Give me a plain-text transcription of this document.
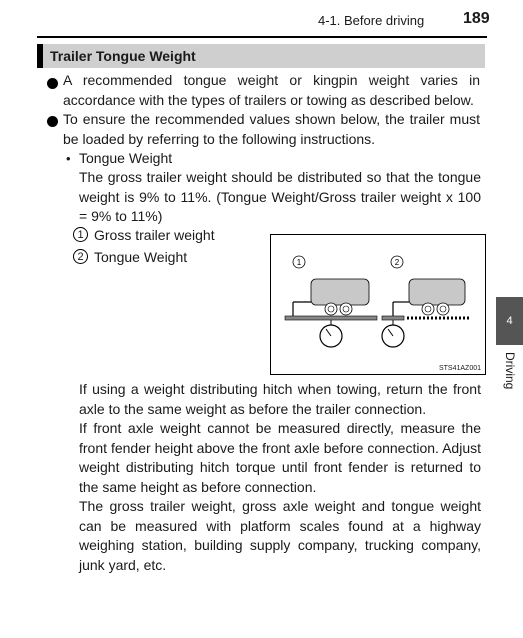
4-1. Before driving 189
Trailer Tongue Weight
A recommended tongue weight or kingpin weight varies in accordance with the types of trailers or towing as described below.
To ensure the recommended values shown below, the trailer must be loaded by referring to the following instructions.
• Tongue Weight
The gross trailer weight should be distributed so that the tongue weight is 9% to 11%. (Tongue Weight/Gross trailer weight x 100 = 9% to 11%)
1 Gross trailer weight
2 Tongue Weight	1	2
STS41AZ001
If using a weight distributing hitch when towing, return the front axle to the same weight as before the trailer connection.
If front axle weight cannot be measured directly, measure the front fender height above the front axle before connection. Adjust weight distributing hitch torque until front fender is returned to the same height as before connection.
The gross trailer weight, gross axle weight and tongue weight can be measured with platform scales found at a highway weighing station, building supply company, trucking company, junk yard, etc.
4
Driving
